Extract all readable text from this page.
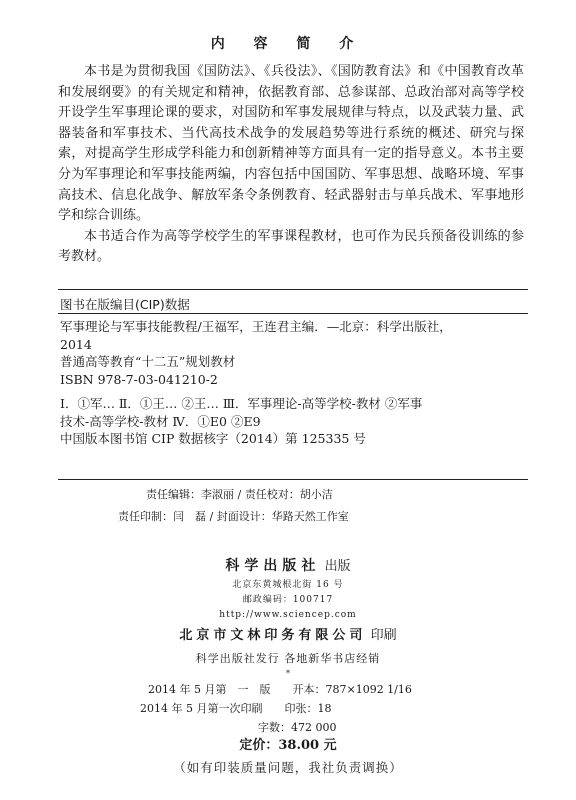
内 容 简 介

本书是为贯彻我国《国防法》、《兵役法》、《国防教育法》和《中国教育改革和发展纲要》的有关规定和精神，依据教育部、总参谋部、总政治部对高等学校开设学生军事理论课的要求，对国防和军事发展规律与特点，以及武装力量、武器装备和军事技术、当代高技术战争的发展趋势等进行系统的概述、研究与探索，对提高学生形成学科能力和创新精神等方面具有一定的指导意义。本书主要分为军事理论和军事技能两编，内容包括中国国防、军事思想、战略环境、军事高技术、信息化战争、解放军条令条例教育、轻武器射击与单兵战术、军事地形学和综合训练。

本书适合作为高等学校学生的军事课程教材，也可作为民兵预备役训练的参考教材。

图书在版编目(CIP)数据
军事理论与军事技能教程/王福军，王连君主编．—北京：科学出版社，
2014
普通高等教育“十二五”规划教材
ISBN 978-7-03-041210-2
Ⅰ．①军… Ⅱ．①王… ②王… Ⅲ．军事理论-高等学校-教材 ②军事
技术-高等学校-教材 Ⅳ．①E0 ②E9
中国版本图书馆 CIP 数据核字（2014）第 125335 号
责任编辑：李淑丽 / 责任校对：胡小洁
责任印制：闫　磊 / 封面设计：华路天然工作室
科学出版社 出版
北京东黄城根北街 16 号
邮政编码：100717
http://www.sciencep.com
北京市文林印务有限公司 印刷
科学出版社发行 各地新华书店经销
*
2014 年 5 月第　一　版 开本：787×1092 1/16
2014 年 5 月第一次印刷 印张：18
字数：472 000
定价：38.00 元
（如有印装质量问题，我社负责调换）
